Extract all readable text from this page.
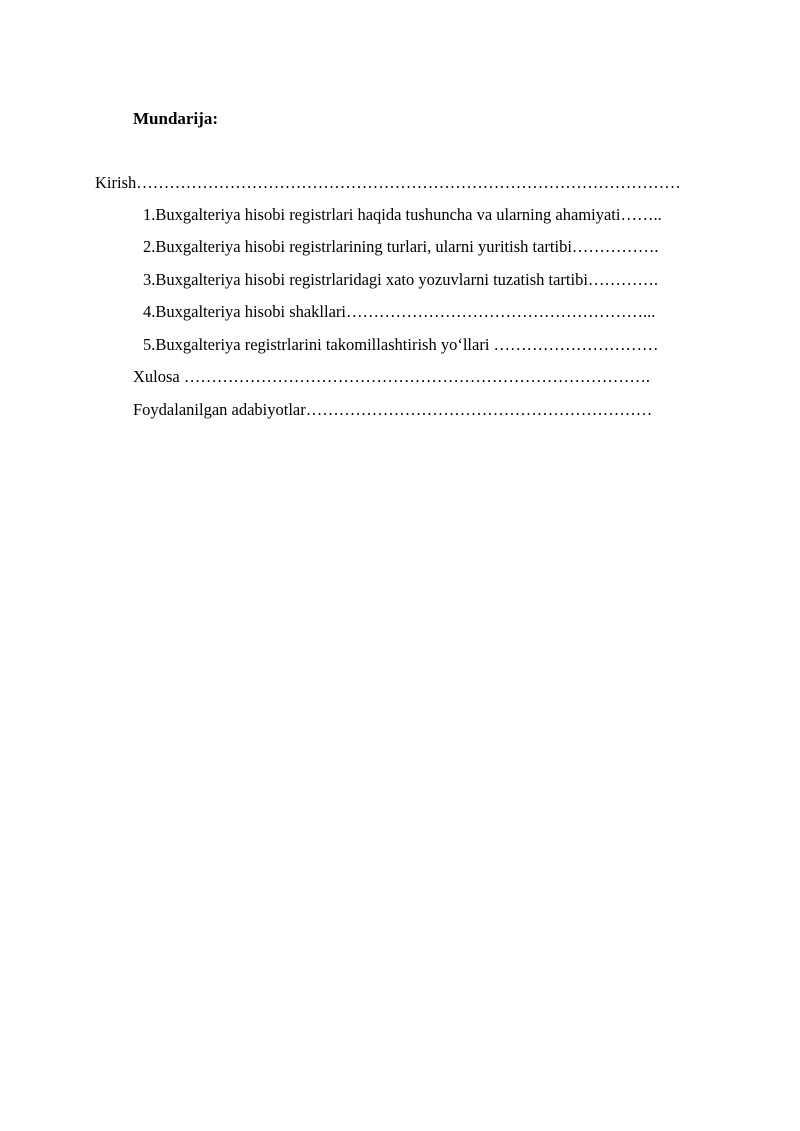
Mundarija:
Kirish………………………………………………………………………………………
1.Buxgalteriya hisobi registrlari haqida tushuncha va ularning ahamiyati……..
2.Buxgalteriya hisobi registrlarining turlari, ularni yuritish tartibi…………….
3.Buxgalteriya hisobi registrlaridagi xato yozuvlarni tuzatish tartibi………….
4.Buxgalteriya hisobi shakllari………………………………………………...
5.Buxgalteriya registrlarini takomillashtirish yo‘llari …………………………
Xulosa ………………………………………………………………………….
Foydalanilgan adabiyotlar………………………………………………………
